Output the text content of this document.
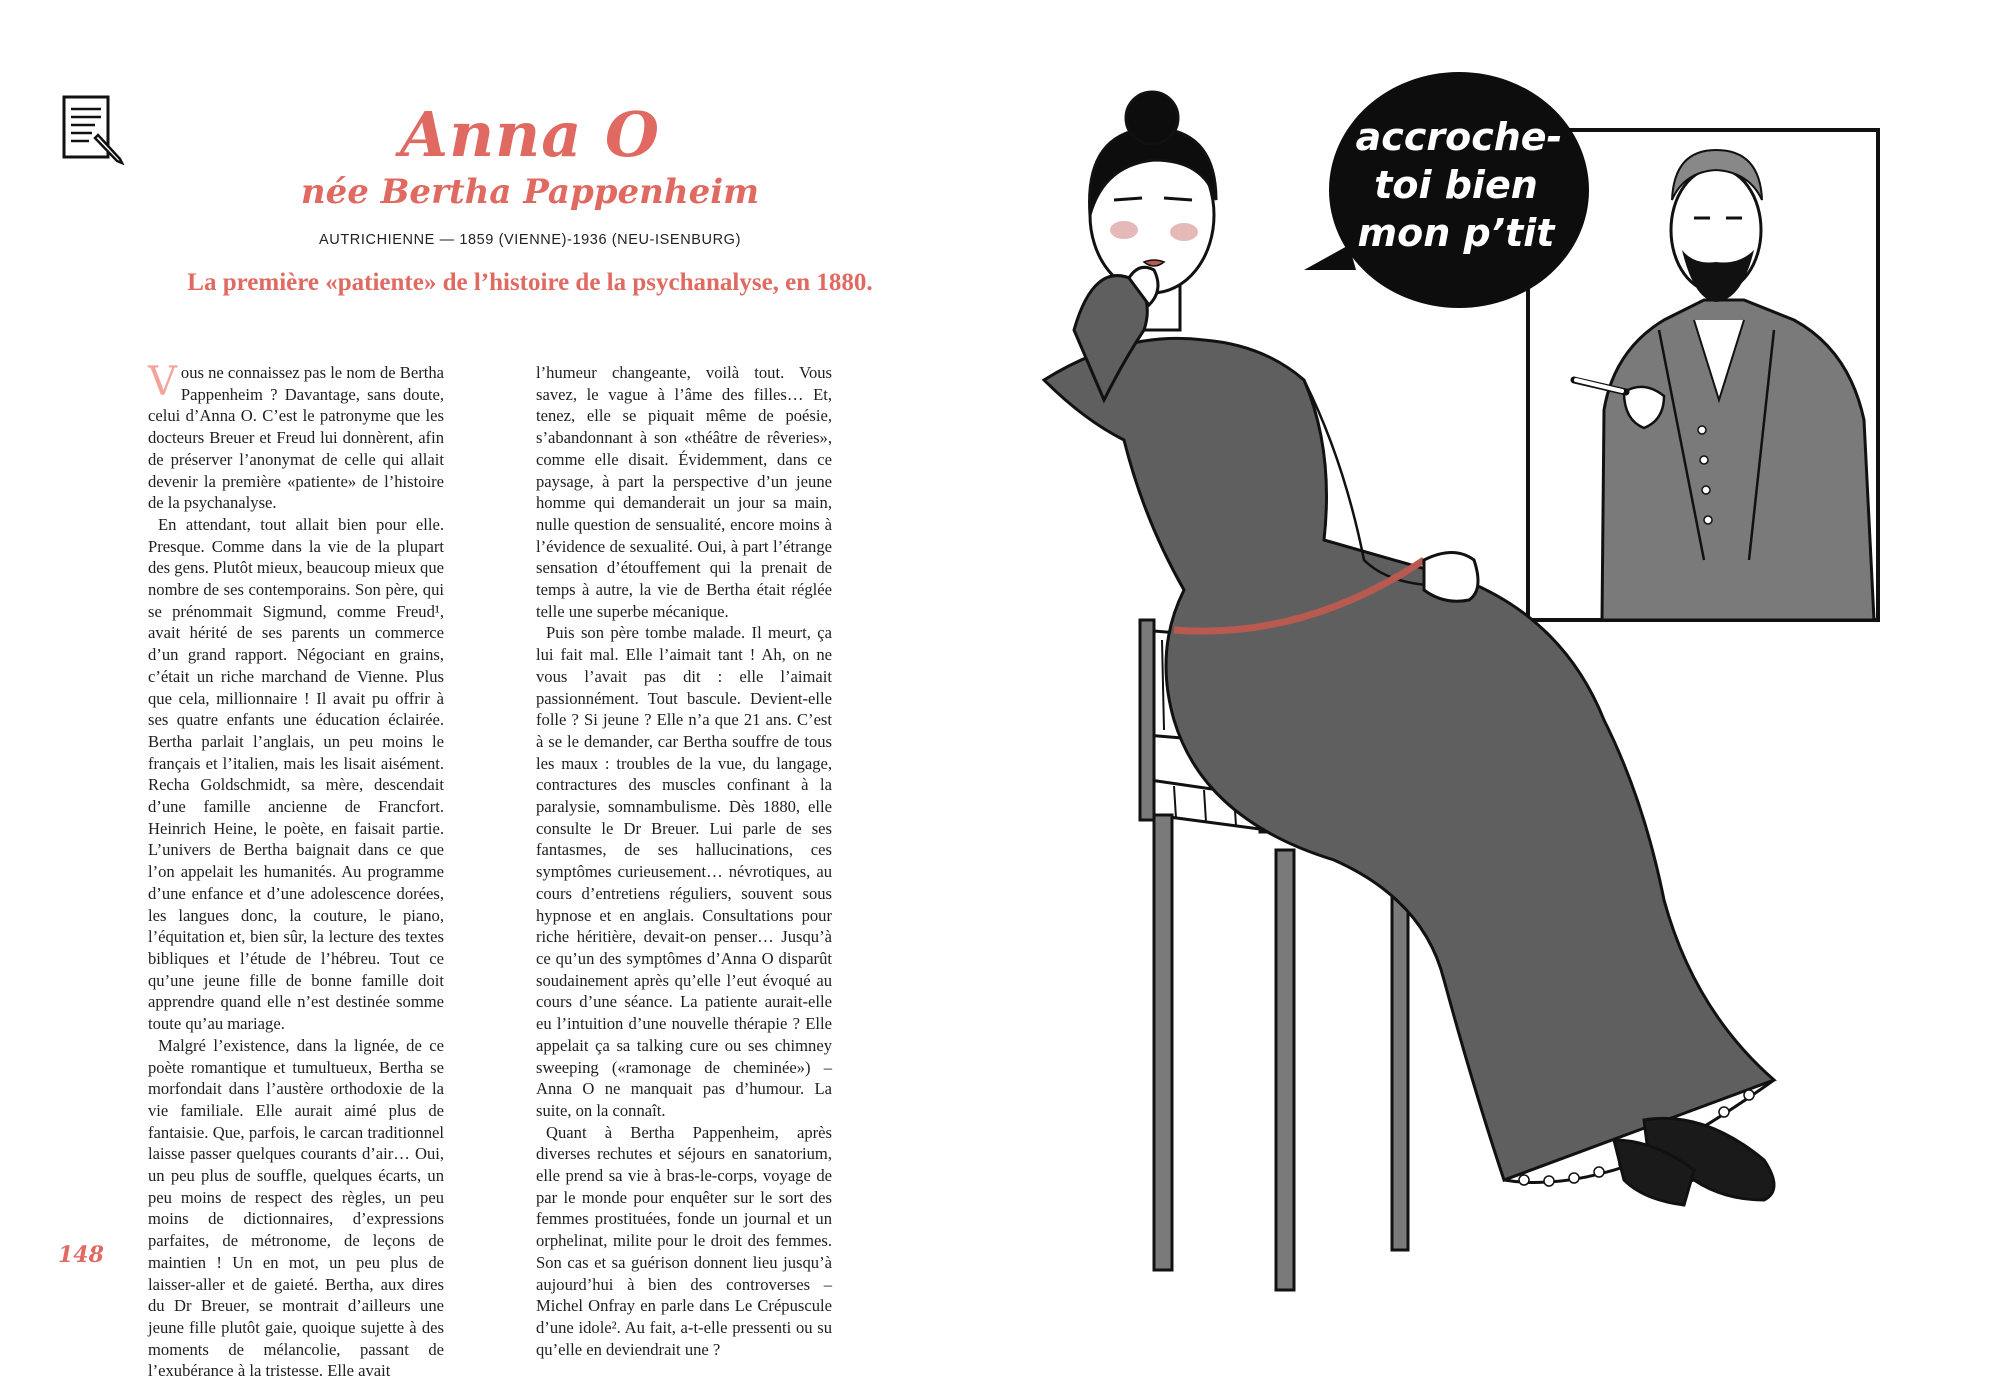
Anna O
née Bertha Pappenheim
AUTRICHIENNE — 1859 (VIENNE)-1936 (NEU-ISENBURG)
La première «patiente» de l’histoire de la psychanalyse, en 1880.

Vous ne connaissez pas le nom de Bertha Pappenheim ? Davantage, sans doute, celui d’Anna O. C’est le patronyme que les docteurs Breuer et Freud lui donnèrent, afin de préserver l’anonymat de celle qui allait devenir la première «patiente» de l’histoire de la psychanalyse.

En attendant, tout allait bien pour elle. Presque. Comme dans la vie de la plupart des gens. Plutôt mieux, beaucoup mieux que nombre de ses contemporains. Son père, qui se prénommait Sigmund, comme Freud¹, avait hérité de ses parents un commerce d’un grand rapport. Négociant en grains, c’était un riche marchand de Vienne. Plus que cela, millionnaire ! Il avait pu offrir à ses quatre enfants une éducation éclairée. Bertha parlait l’anglais, un peu moins le français et l’italien, mais les lisait aisément. Recha Goldschmidt, sa mère, descendait d’une famille ancienne de Francfort. Heinrich Heine, le poète, en faisait partie. L’univers de Bertha baignait dans ce que l’on appelait les humanités. Au programme d’une enfance et d’une adolescence dorées, les langues donc, la couture, le piano, l’équitation et, bien sûr, la lecture des textes bibliques et l’étude de l’hébreu. Tout ce qu’une jeune fille de bonne famille doit apprendre quand elle n’est destinée somme toute qu’au mariage.

Malgré l’existence, dans la lignée, de ce poète romantique et tumultueux, Bertha se morfondait dans l’austère orthodoxie de la vie familiale. Elle aurait aimé plus de fantaisie. Que, parfois, le carcan traditionnel laisse passer quelques courants d’air… Oui, un peu plus de souffle, quelques écarts, un peu moins de respect des règles, un peu moins de dictionnaires, d’expressions parfaites, de métronome, de leçons de maintien ! Un en mot, un peu plus de laisser-aller et de gaieté. Bertha, aux dires du Dr Breuer, se montrait d’ailleurs une jeune fille plutôt gaie, quoique sujette à des moments de mélancolie, passant de l’exubérance à la tristesse. Elle avait

l’humeur changeante, voilà tout. Vous savez, le vague à l’âme des filles… Et, tenez, elle se piquait même de poésie, s’abandonnant à son «théâtre de rêveries», comme elle disait. Évidemment, dans ce paysage, à part la perspective d’un jeune homme qui demanderait un jour sa main, nulle question de sensualité, encore moins à l’évidence de sexualité. Oui, à part l’étrange sensation d’étouffement qui la prenait de temps à autre, la vie de Bertha était réglée telle une superbe mécanique.

Puis son père tombe malade. Il meurt, ça lui fait mal. Elle l’aimait tant ! Ah, on ne vous l’avait pas dit : elle l’aimait passionnément. Tout bascule. Devient-elle folle ? Si jeune ? Elle n’a que 21 ans. C’est à se le demander, car Bertha souffre de tous les maux : troubles de la vue, du langage, contractures des muscles confinant à la paralysie, somnambulisme. Dès 1880, elle consulte le Dr Breuer. Lui parle de ses fantasmes, de ses hallucinations, ces symptômes curieusement… névrotiques, au cours d’entretiens réguliers, souvent sous hypnose et en anglais. Consultations pour riche héritière, devait-on penser… Jusqu’à ce qu’un des symptômes d’Anna O disparût soudainement après qu’elle l’eut évoqué au cours d’une séance. La patiente aurait-elle eu l’intuition d’une nouvelle thérapie ? Elle appelait ça sa talking cure ou ses chimney sweeping («ramonage de cheminée») – Anna O ne manquait pas d’humour. La suite, on la connaît.

Quant à Bertha Pappenheim, après diverses rechutes et séjours en sanatorium, elle prend sa vie à bras-le-corps, voyage de par le monde pour enquêter sur le sort des femmes prostituées, fonde un journal et un orphelinat, milite pour le droit des femmes. Son cas et sa guérison donnent lieu jusqu’à aujourd’hui à bien des controverses – Michel Onfray en parle dans Le Crépuscule d’une idole². Au fait, a-t-elle pressenti ou su qu’elle en deviendrait une ?

148
accroche-
toi bien
mon p’tit
